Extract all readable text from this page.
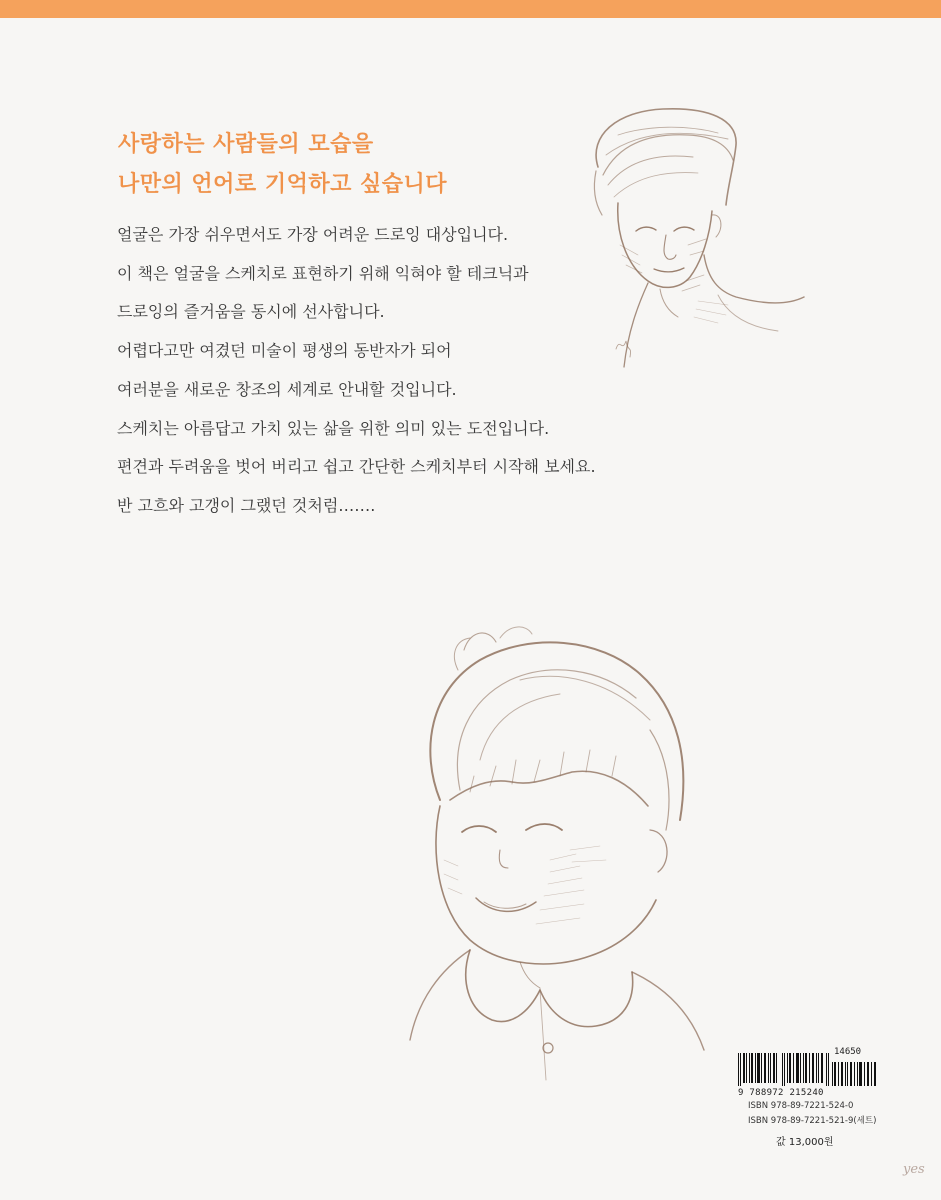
사랑하는 사람들의 모습을
나만의 언어로 기억하고 싶습니다
얼굴은 가장 쉬우면서도 가장 어려운 드로잉 대상입니다.
이 책은 얼굴을 스케치로 표현하기 위해 익혀야 할 테크닉과
드로잉의 즐거움을 동시에 선사합니다.
어렵다고만 여겼던 미술이 평생의 동반자가 되어
여러분을 새로운 창조의 세계로 안내할 것입니다.
스케치는 아름답고 가치 있는 삶을 위한 의미 있는 도전입니다.
편견과 두려움을 벗어 버리고 쉽고 간단한 스케치부터 시작해 보세요.
반 고흐와 고갱이 그랬던 것처럼…….
14650
9 788972 215240
ISBN 978-89-7221-524-0
ISBN 978-89-7221-521-9(세트)
값 13,000원
yes
